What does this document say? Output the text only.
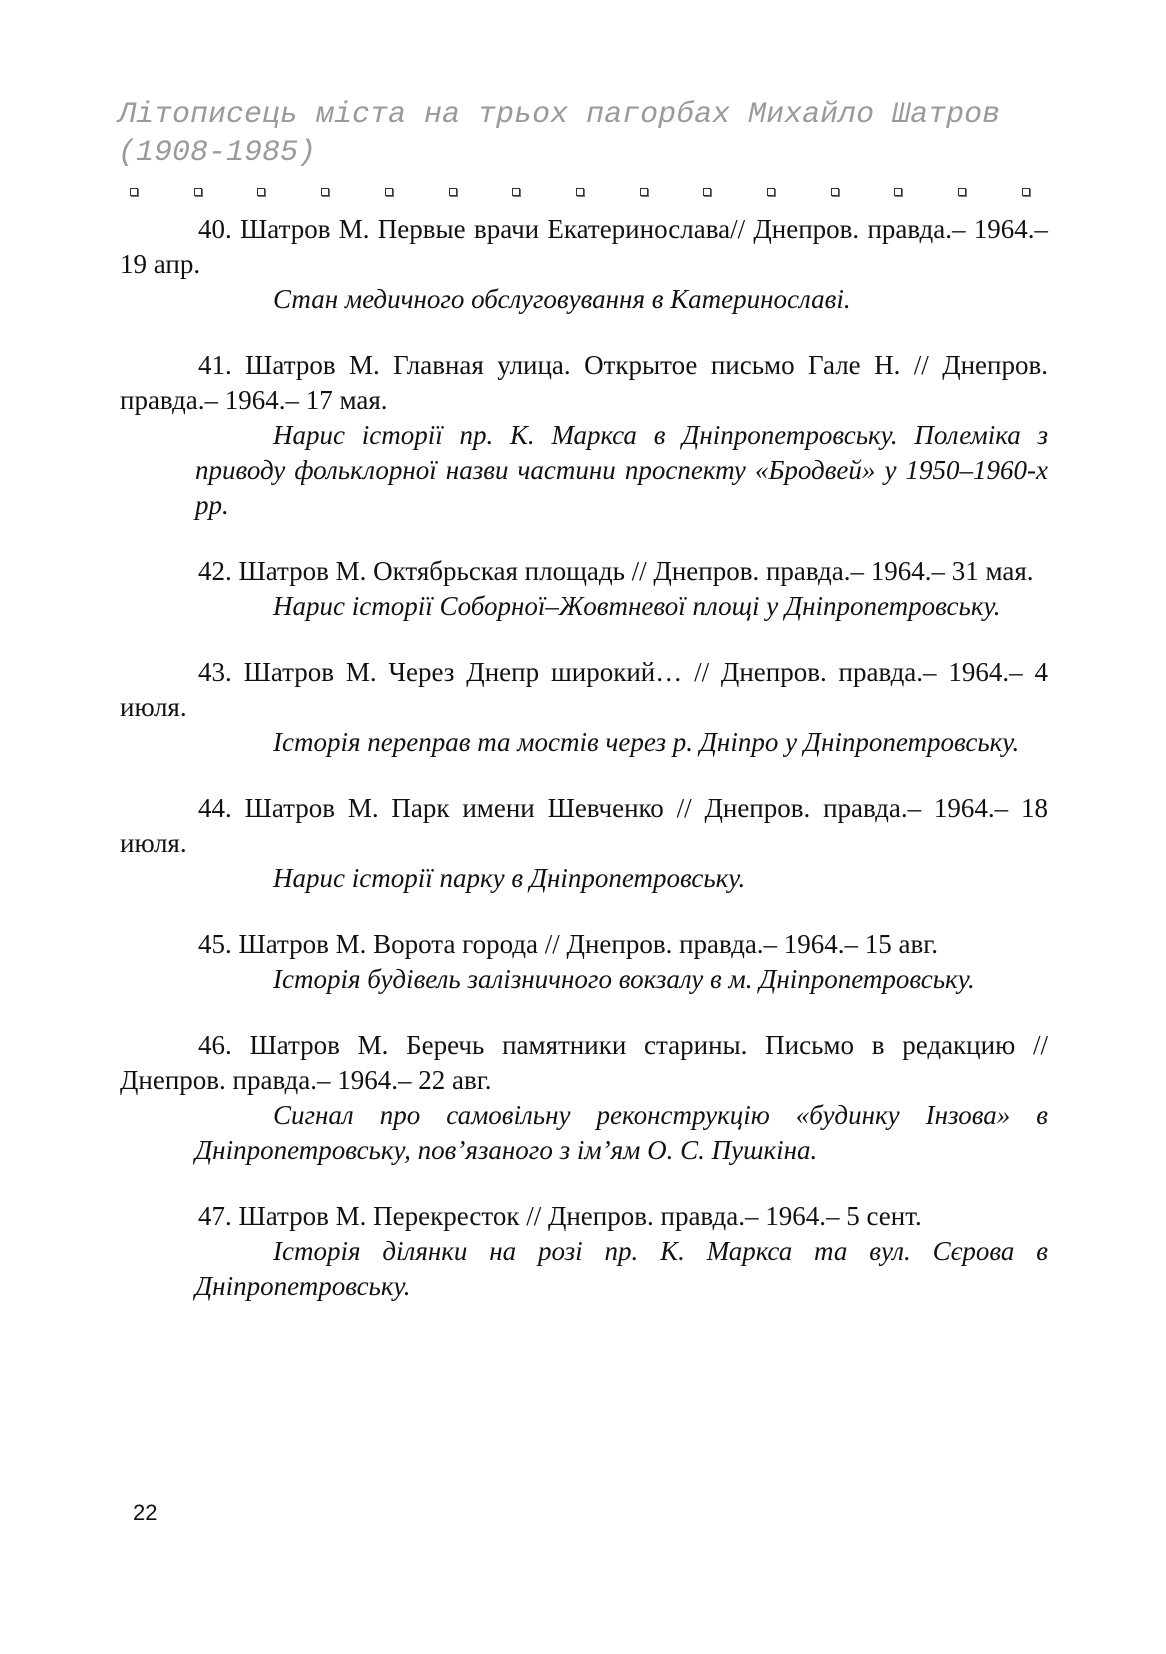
Літописець міста на трьох пагорбах Михайло Шатров (1908-1985)

40. Шатров М. Первые врачи Екатеринослава// Днепров. правда.– 1964.– 19 апр.

Стан медичного обслуговування в Катеринославі.

41. Шатров М. Главная улица. Открытое письмо Гале Н. // Днепров. правда.– 1964.– 17 мая.

Нарис історії пр. К. Маркса в Дніпропетровську. Полеміка з приводу фольклорної назви частини проспекту «Бродвей» у 1950–1960-х рр.

42. Шатров М. Октябрьская площадь // Днепров. правда.– 1964.– 31 мая.

Нарис історії Соборної–Жовтневої площі у Дніпропетровську.

43. Шатров М. Через Днепр широкий… // Днепров. правда.– 1964.– 4 июля.

Історія переправ та мостів через р. Дніпро у Дніпропетровську.

44. Шатров М. Парк имени Шевченко // Днепров. правда.– 1964.– 18 июля.

Нарис історії парку в Дніпропетровську.

45. Шатров М. Ворота города // Днепров. правда.– 1964.– 15 авг.

Історія будівель залізничного вокзалу в м. Дніпропетровську.

46. Шатров М. Беречь памятники старины. Письмо в редакцию // Днепров. правда.– 1964.– 22 авг.

Сигнал про самовільну реконструкцію «будинку Інзова» в Дніпропетровську, пов’язаного з ім’ям О. С. Пушкіна.

47. Шатров М. Перекресток // Днепров. правда.– 1964.– 5 сент.

Історія ділянки на розі пр. К. Маркса та вул. Сєрова в Дніпропетровську.

22
